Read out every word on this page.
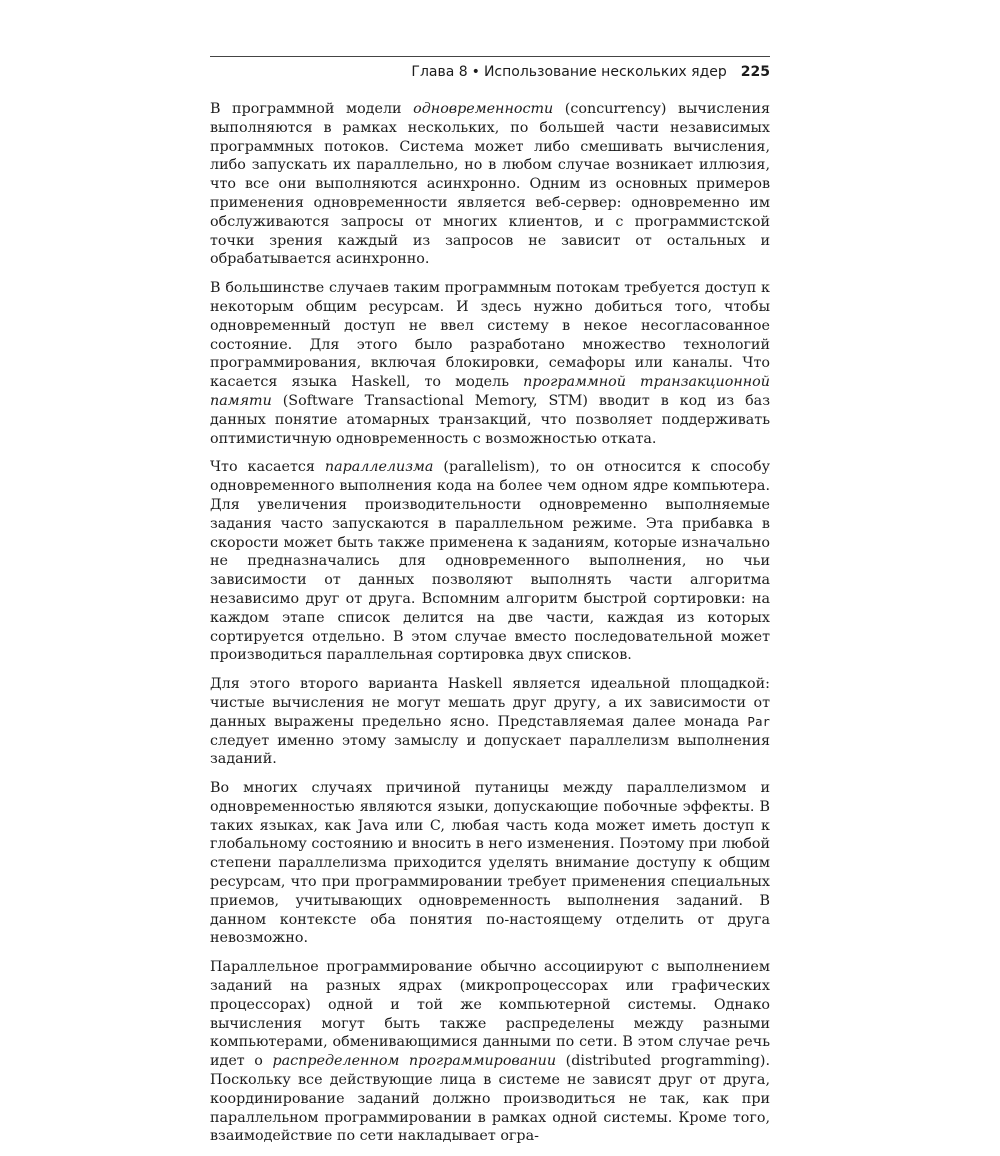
Глава 8 • Использование нескольких ядер 225

В программной модели одновременности (concurrency) вычисления выполняются в рамках нескольких, по большей части независимых программных потоков. Система может либо смешивать вычисления, либо запускать их параллельно, но в любом случае возникает иллюзия, что все они выполняются асинхронно. Одним из основных примеров применения одновременности является веб-сервер: одновременно им обслуживаются запросы от многих клиентов, и с программистской точки зрения каждый из запросов не зависит от остальных и обрабатывается асинхронно.

В большинстве случаев таким программным потокам требуется доступ к некоторым общим ресурсам. И здесь нужно добиться того, чтобы одновременный доступ не ввел систему в некое несогласованное состояние. Для этого было разработано множество технологий программирования, включая блокировки, семафоры или каналы. Что касается языка Haskell, то модель программной транзакционной памяти (Software Transactional Memory, STM) вводит в код из баз данных понятие атомарных транзакций, что позволяет поддерживать оптимистичную одновременность с возможностью отката.

Что касается параллелизма (parallelism), то он относится к способу одновременного выполнения кода на более чем одном ядре компьютера. Для увеличения производительности одновременно выполняемые задания часто запускаются в параллельном режиме. Эта прибавка в скорости может быть также применена к заданиям, которые изначально не предназначались для одновременного выполнения, но чьи зависимости от данных позволяют выполнять части алгоритма независимо друг от друга. Вспомним алгоритм быстрой сортировки: на каждом этапе список делится на две части, каждая из которых сортируется отдельно. В этом случае вместо последовательной может производиться параллельная сортировка двух списков.

Для этого второго варианта Haskell является идеальной площадкой: чистые вычисления не могут мешать друг другу, а их зависимости от данных выражены предельно ясно. Представляемая далее монада Par следует именно этому замыслу и допускает параллелизм выполнения заданий.

Во многих случаях причиной путаницы между параллелизмом и одновременностью являются языки, допускающие побочные эффекты. В таких языках, как Java или C, любая часть кода может иметь доступ к глобальному состоянию и вносить в него изменения. Поэтому при любой степени параллелизма приходится уделять внимание доступу к общим ресурсам, что при программировании требует применения специальных приемов, учитывающих одновременность выполнения заданий. В данном контексте оба понятия по-настоящему отделить от друга невозможно.

Параллельное программирование обычно ассоциируют с выполнением заданий на разных ядрах (микропроцессорах или графических процессорах) одной и той же компьютерной системы. Однако вычисления могут быть также распределены между разными компьютерами, обменивающимися данными по сети. В этом случае речь идет о распределенном программировании (distributed programming). Поскольку все действующие лица в системе не зависят друг от друга, координирование заданий должно производиться не так, как при параллельном программировании в рамках одной системы. Кроме того, взаимодействие по сети накладывает огра-
